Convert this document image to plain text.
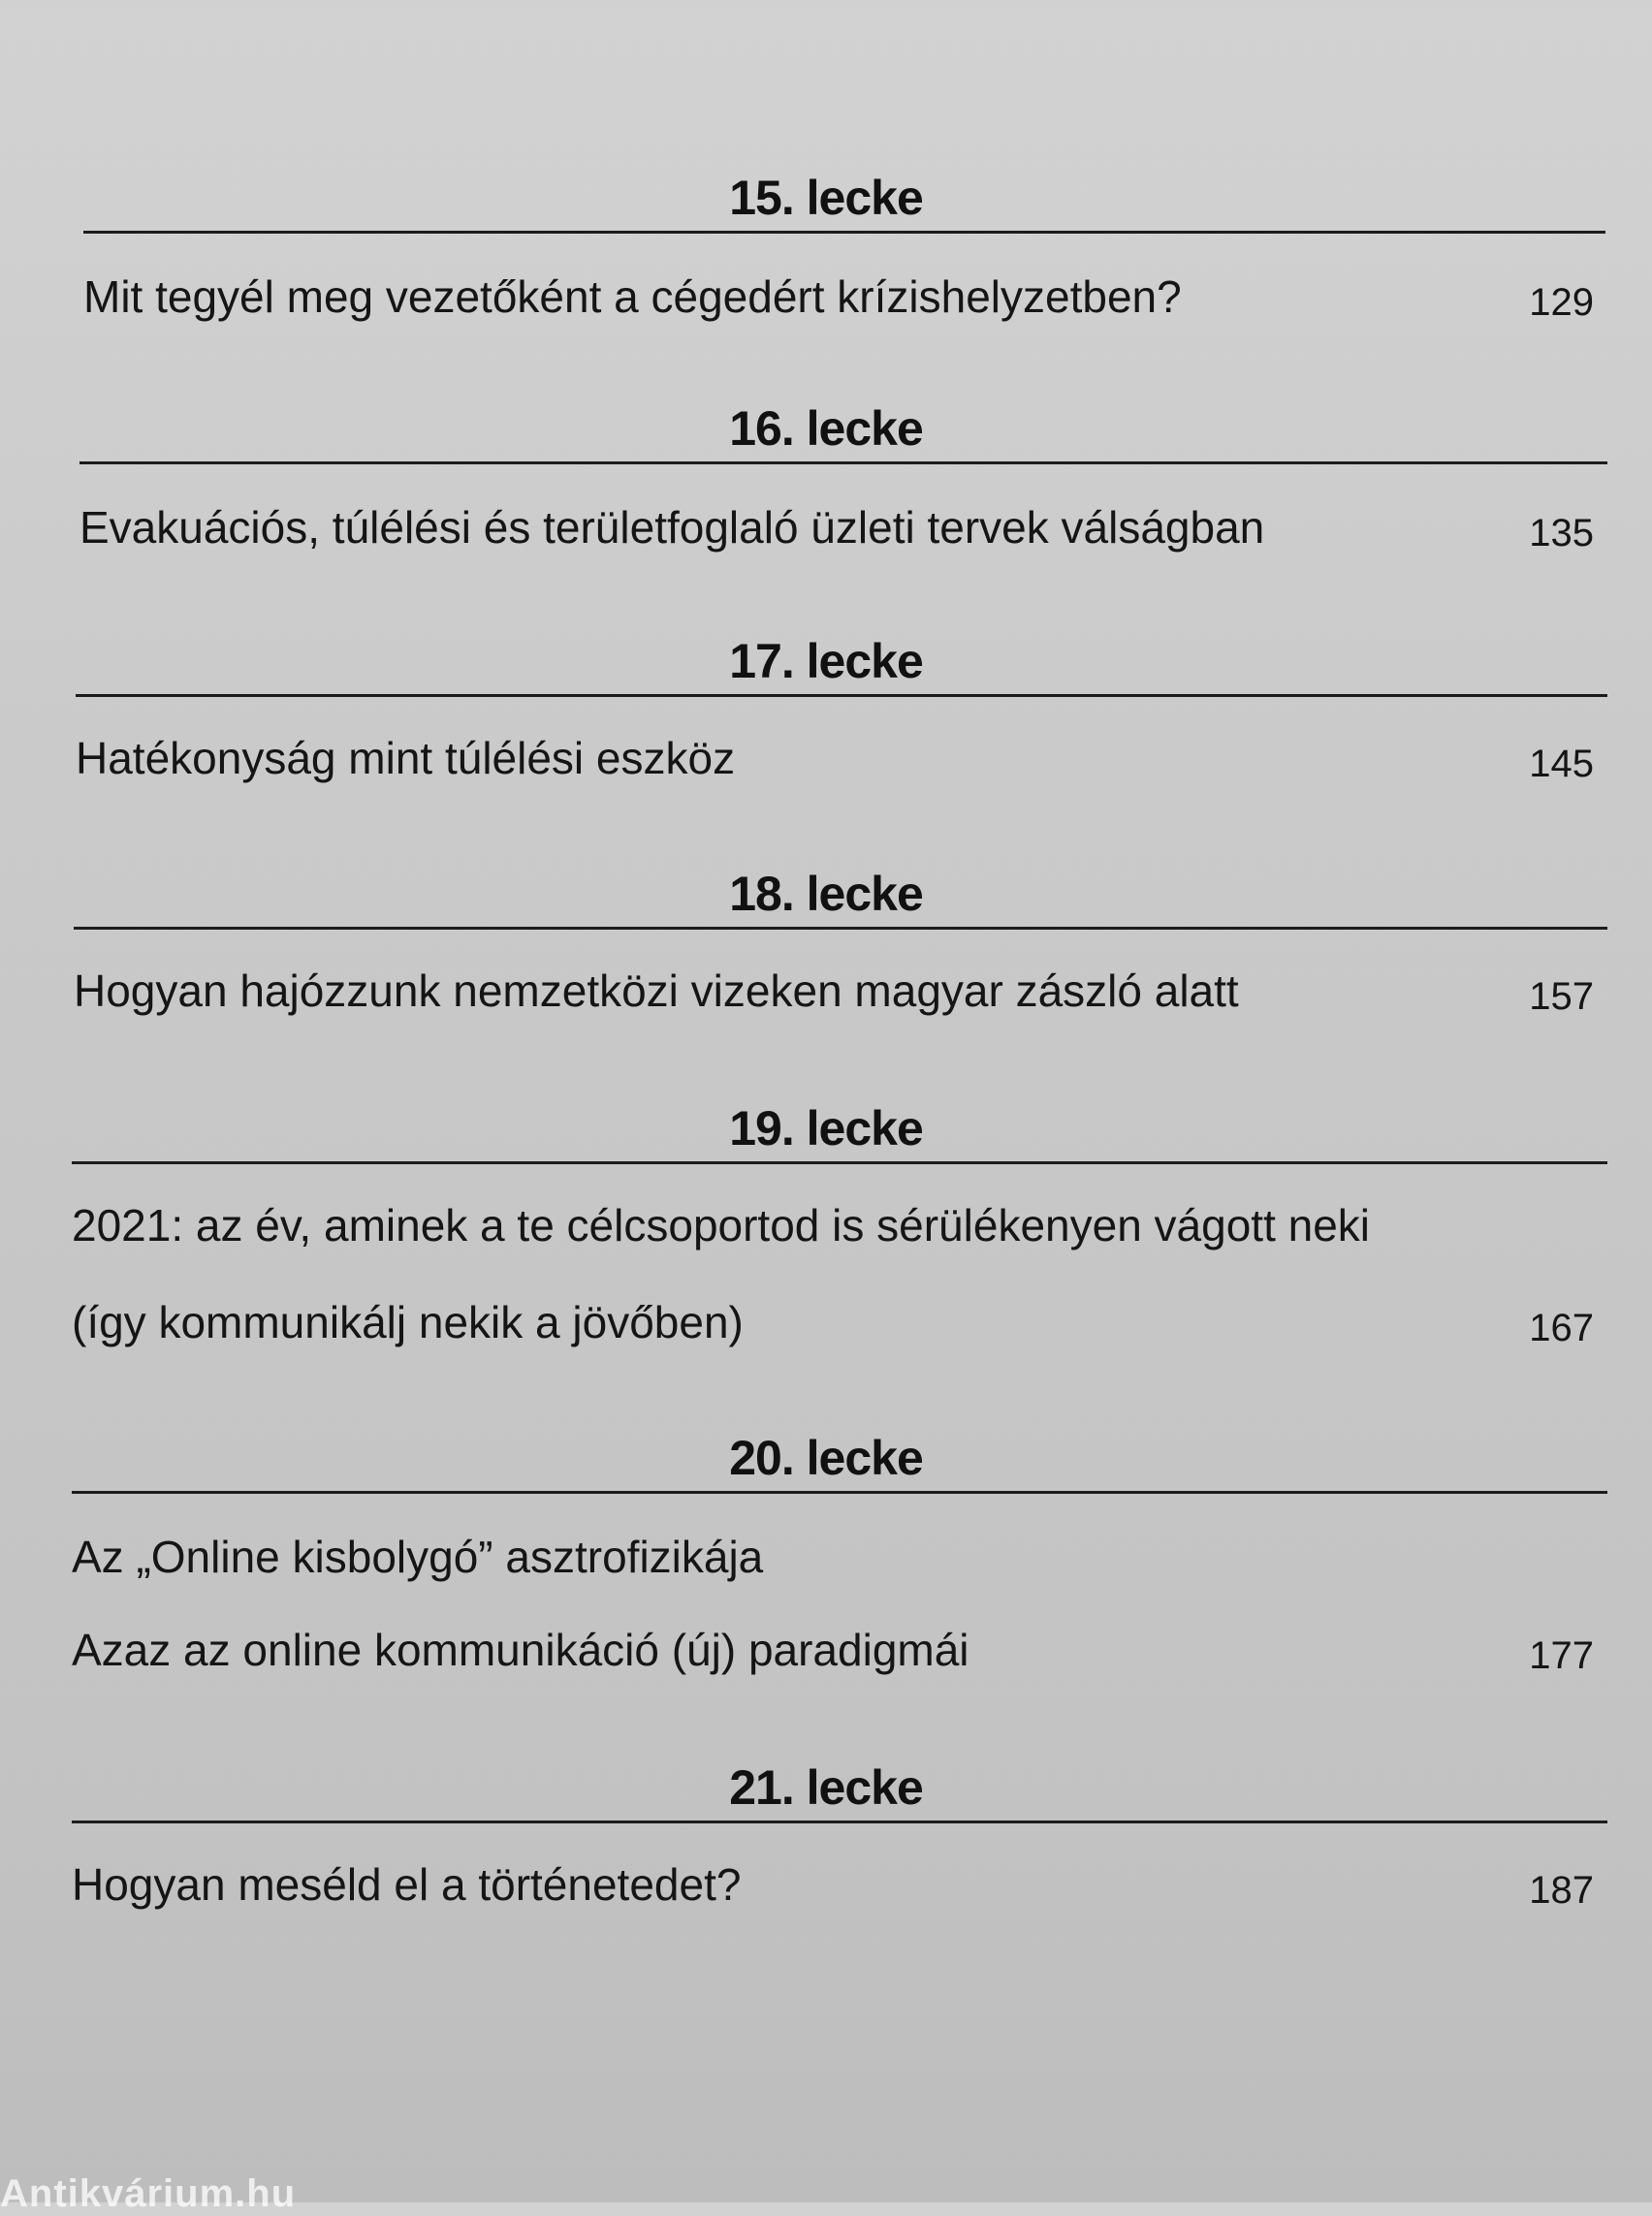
15. lecke
Mit tegyél meg vezetőként a cégedért krízishelyzetben?	129
16. lecke
Evakuációs, túlélési és területfoglaló üzleti tervek válságban	135
17. lecke
Hatékonyság mint túlélési eszköz	145
18. lecke
Hogyan hajózzunk nemzetközi vizeken magyar zászló alatt	157
19. lecke
2021: az év, aminek a te célcsoportod is sérülékenyen vágott neki
(így kommunikálj nekik a jövőben)	167
20. lecke
Az „Online kisbolygó” asztrofizikája
Azaz az online kommunikáció (új) paradigmái	177
21. lecke
Hogyan meséld el a történetedet?	187
Antikvárium.hu
